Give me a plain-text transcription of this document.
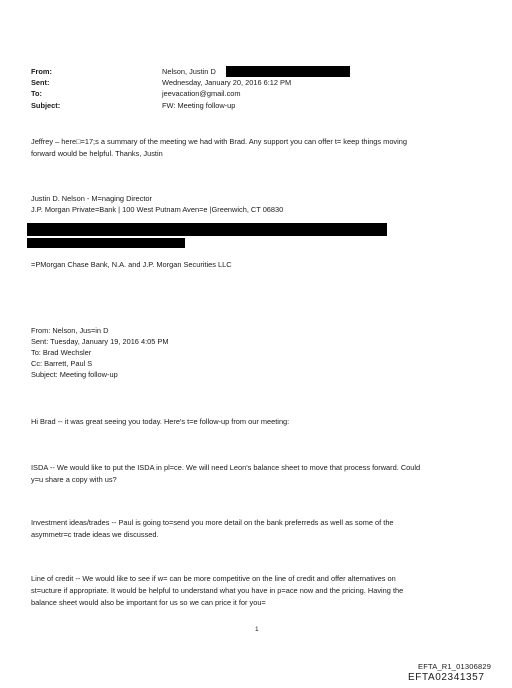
From:	Nelson, Justin D
Sent:	Wednesday, January 20, 2016 6:12 PM
To:	jeevacation@gmail.com
Subject:	FW: Meeting follow-up
Jeffrey – here□=17;s a summary of the meeting we had with Brad. Any support you can offer t= keep things moving
forward would be helpful. Thanks, Justin
Justin D. Nelson - M=naging Director
J.P. Morgan Private=Bank | 100 West Putnam Aven=e |Greenwich, CT 06830
=PMorgan Chase Bank, N.A. and J.P. Morgan Securities LLC
From: Nelson, Jus=in D
Sent: Tuesday, January 19, 2016 4:05 PM
To: Brad Wechsler
Cc: Barrett, Paul S
Subject: Meeting follow-up
Hi Brad -- it was great seeing you today. Here's t=e follow-up from our meeting:
ISDA -- We would like to put the ISDA in pl=ce. We will need Leon's balance sheet to move that process forward. Could
y=u share a copy with us?
Investment ideas/trades -- Paul is going to=send you more detail on the bank preferreds as well as some of the
asymmetr=c trade ideas we discussed.
Line of credit -- We would like to see if w= can be more competitive on the line of credit and offer alternatives on
st=ucture if appropriate. It would be helpful to understand what you have in p=ace now and the pricing. Having the
balance sheet would also be important for us so we can price it for you=
1
EFTA_R1_01306829
EFTA02341357
